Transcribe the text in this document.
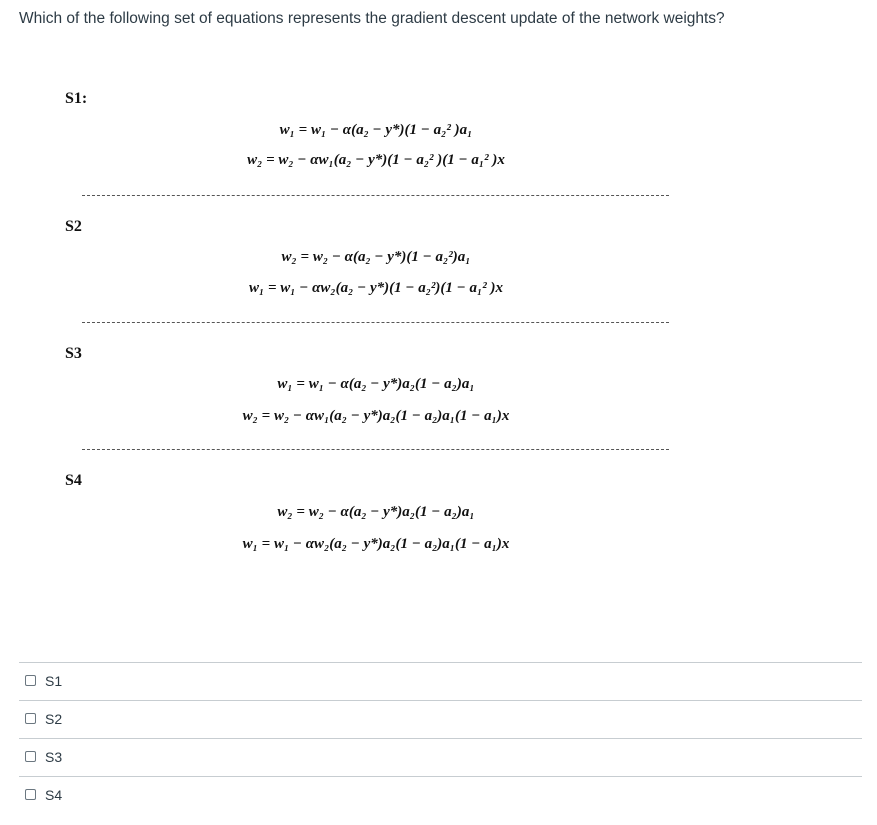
Which of the following set of equations represents the gradient descent update of the network weights?
S1:
w₁ = w₁ − α(a₂ − y*)(1 − a₂² )a₁
w₂ = w₂ − αw₁(a₂ − y*)(1 − a₂² )(1 − a₁² )x
S2
w₂ = w₂ − α(a₂ − y*)(1 − a₂²)a₁
w₁ = w₁ − αw₂(a₂ − y*)(1 − a₂²)(1 − a₁² )x
S3
w₁ = w₁ − α(a₂ − y*)a₂(1 − a₂)a₁
w₂ = w₂ − αw₁(a₂ − y*)a₂(1 − a₂)a₁(1 − a₁)x
S4
w₂ = w₂ − α(a₂ − y*)a₂(1 − a₂)a₁
w₁ = w₁ − αw₂(a₂ − y*)a₂(1 − a₂)a₁(1 − a₁)x
S1
S2
S3
S4
